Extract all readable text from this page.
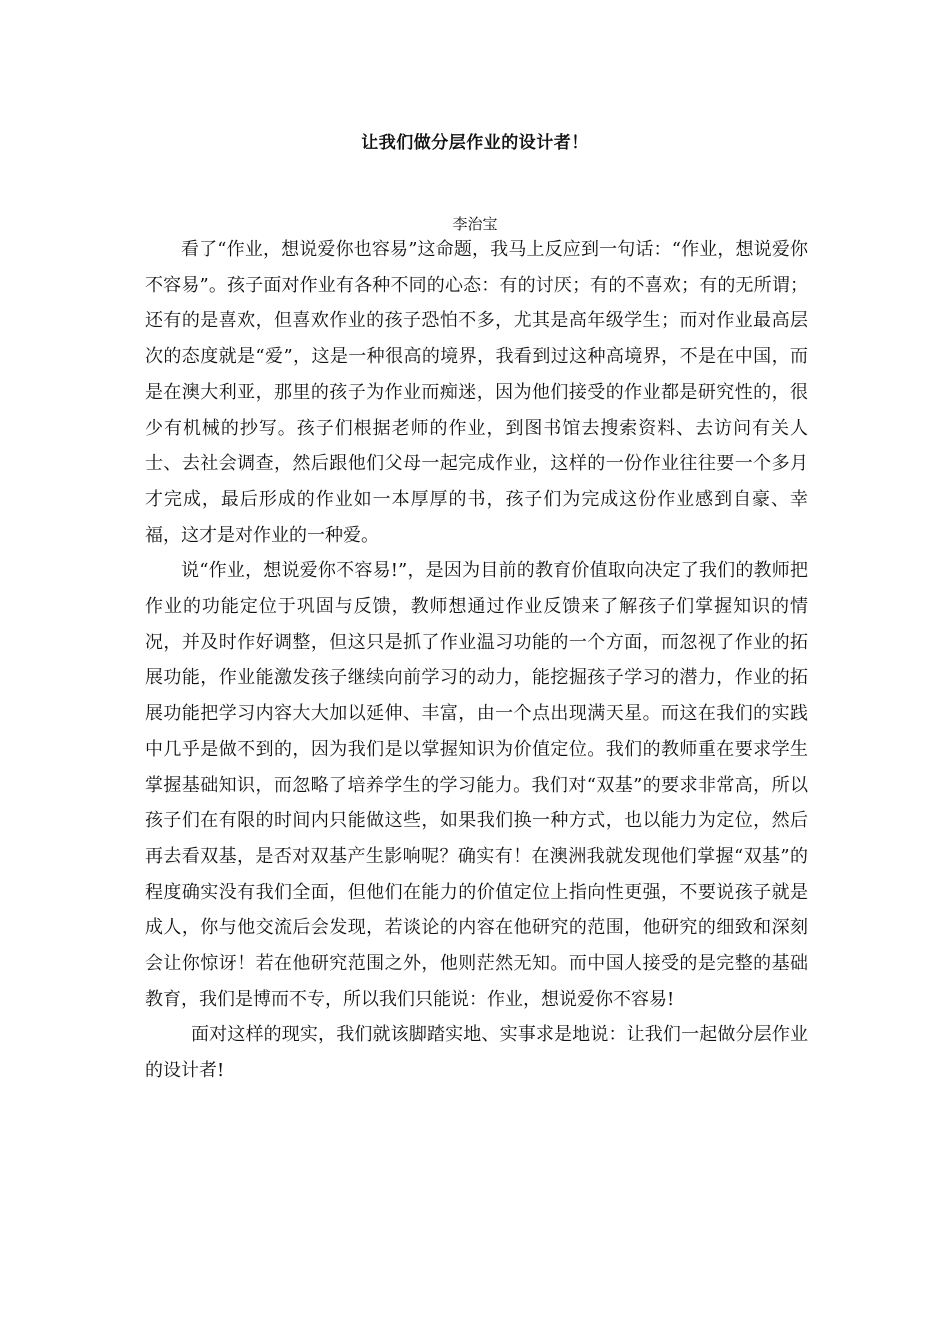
让我们做分层作业的设计者！
李治宝

看了“作业，想说爱你也容易”这命题，我马上反应到一句话：“作业，想说爱你不容易”。孩子面对作业有各种不同的心态：有的讨厌；有的不喜欢；有的无所谓；还有的是喜欢，但喜欢作业的孩子恐怕不多，尤其是高年级学生；而对作业最高层次的态度就是“爱”，这是一种很高的境界，我看到过这种高境界，不是在中国，而是在澳大利亚，那里的孩子为作业而痴迷，因为他们接受的作业都是研究性的，很少有机械的抄写。孩子们根据老师的作业，到图书馆去搜索资料、去访问有关人士、去社会调查，然后跟他们父母一起完成作业，这样的一份作业往往要一个多月才完成，最后形成的作业如一本厚厚的书，孩子们为完成这份作业感到自豪、幸福，这才是对作业的一种爱。

说“作业，想说爱你不容易!”，是因为目前的教育价值取向决定了我们的教师把作业的功能定位于巩固与反馈，教师想通过作业反馈来了解孩子们掌握知识的情况，并及时作好调整，但这只是抓了作业温习功能的一个方面，而忽视了作业的拓展功能，作业能激发孩子继续向前学习的动力，能挖掘孩子学习的潜力，作业的拓展功能把学习内容大大加以延伸、丰富，由一个点出现满天星。而这在我们的实践中几乎是做不到的，因为我们是以掌握知识为价值定位。我们的教师重在要求学生掌握基础知识，而忽略了培养学生的学习能力。我们对“双基”的要求非常高，所以孩子们在有限的时间内只能做这些，如果我们换一种方式，也以能力为定位，然后再去看双基，是否对双基产生影响呢？确实有！在澳洲我就发现他们掌握“双基”的程度确实没有我们全面，但他们在能力的价值定位上指向性更强，不要说孩子就是成人，你与他交流后会发现，若谈论的内容在他研究的范围，他研究的细致和深刻会让你惊讶！若在他研究范围之外，他则茫然无知。而中国人接受的是完整的基础教育，我们是博而不专，所以我们只能说：作业，想说爱你不容易!

面对这样的现实，我们就该脚踏实地、实事求是地说：让我们一起做分层作业的设计者!
